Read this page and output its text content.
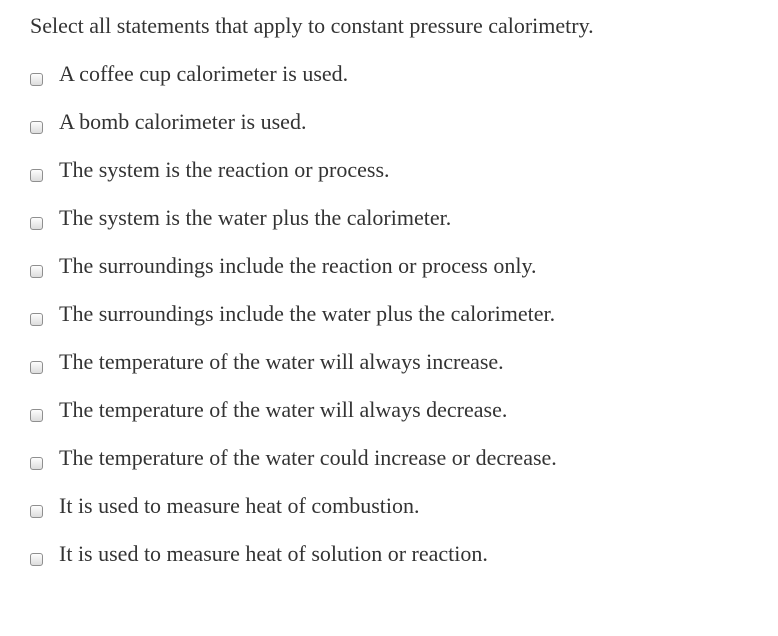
Select all statements that apply to constant pressure calorimetry.
A coffee cup calorimeter is used.
A bomb calorimeter is used.
The system is the reaction or process.
The system is the water plus the calorimeter.
The surroundings include the reaction or process only.
The surroundings include the water plus the calorimeter.
The temperature of the water will always increase.
The temperature of the water will always decrease.
The temperature of the water could increase or decrease.
It is used to measure heat of combustion.
It is used to measure heat of solution or reaction.
